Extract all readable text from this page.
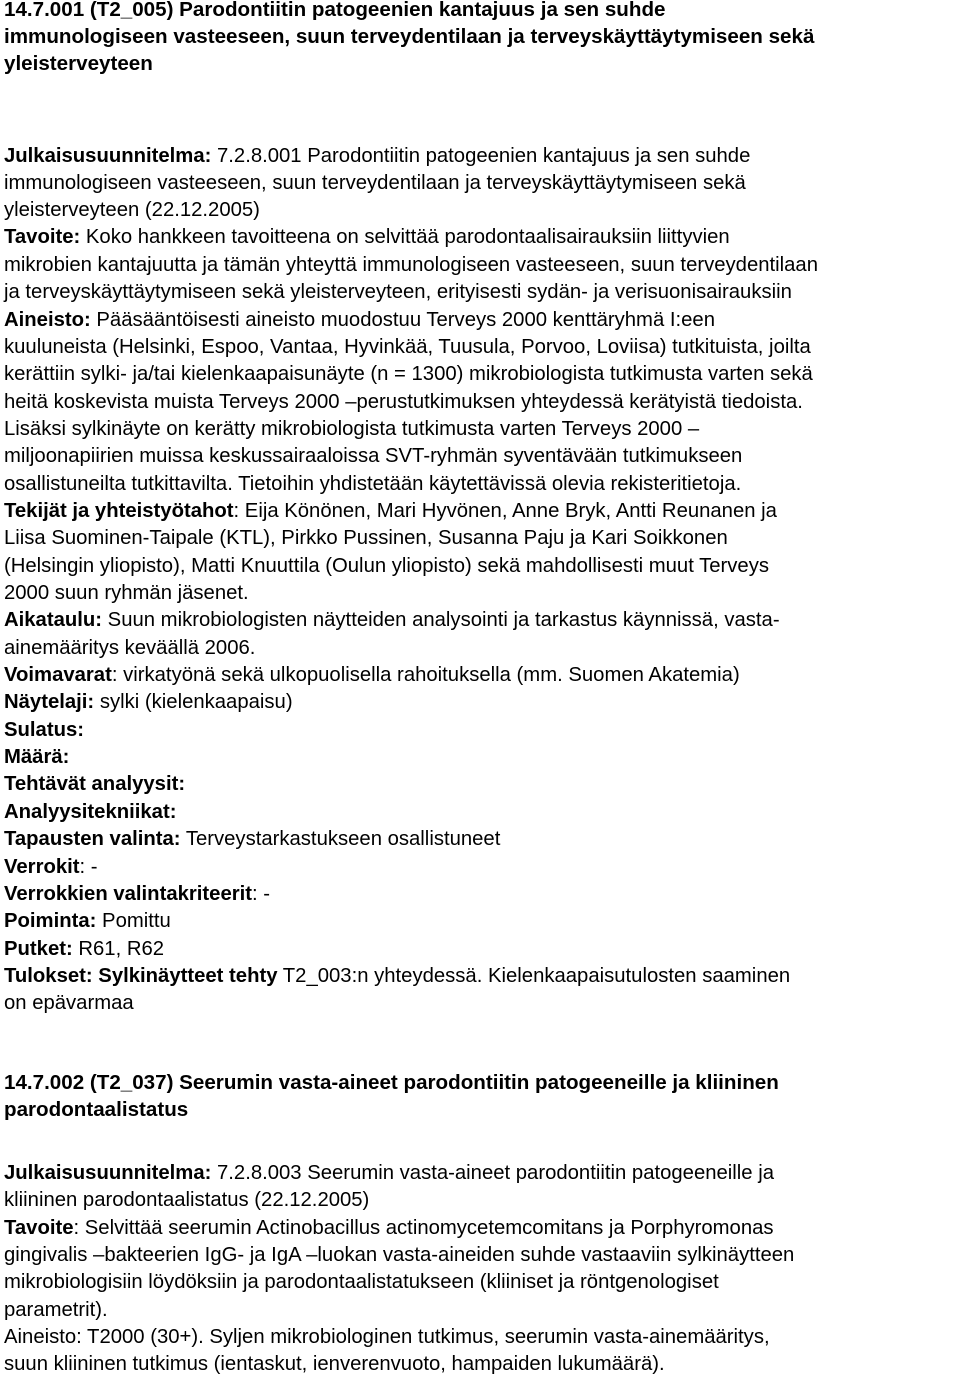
14.7.001 (T2_005) Parodontiitin patogeenien kantajuus ja sen suhde
immunologiseen vasteeseen, suun terveydentilaan ja terveyskäyttäytymiseen sekä
yleisterveyteen
Julkaisusuunnitelma: 7.2.8.001 Parodontiitin patogeenien kantajuus ja sen suhde
immunologiseen vasteeseen, suun terveydentilaan ja terveyskäyttäytymiseen sekä
yleisterveyteen (22.12.2005)
Tavoite: Koko hankkeen tavoitteena on selvittää parodontaalisairauksiin liittyvien
mikrobien kantajuutta ja tämän yhteyttä immunologiseen vasteeseen, suun terveydentilaan
ja terveyskäyttäytymiseen sekä yleisterveyteen, erityisesti sydän- ja verisuonisairauksiin
Aineisto: Pääsääntöisesti aineisto muodostuu Terveys 2000 kenttäryhmä I:een
kuuluneista (Helsinki, Espoo, Vantaa, Hyvinkää, Tuusula, Porvoo, Loviisa) tutkituista, joilta
kerättiin sylki- ja/tai kielenkaapaisunäyte (n = 1300) mikrobiologista tutkimusta varten sekä
heitä koskevista muista Terveys 2000 –perustutkimuksen yhteydessä kerätyistä tiedoista.
Lisäksi sylkinäyte on kerätty mikrobiologista tutkimusta varten Terveys 2000 –
miljoonapiirien muissa keskussairaaloissa SVT-ryhmän syventävään tutkimukseen
osallistuneilta tutkittavilta. Tietoihin yhdistetään käytettävissä olevia rekisteritietoja.
Tekijät ja yhteistyötahot: Eija Könönen, Mari Hyvönen, Anne Bryk, Antti Reunanen ja
Liisa Suominen-Taipale (KTL), Pirkko Pussinen, Susanna Paju ja Kari Soikkonen
(Helsingin yliopisto), Matti Knuuttila (Oulun yliopisto) sekä mahdollisesti muut Terveys
2000 suun ryhmän jäsenet.
Aikataulu: Suun mikrobiologisten näytteiden analysointi ja tarkastus käynnissä, vasta-
ainemääritys keväällä 2006.
Voimavarat: virkatyönä sekä ulkopuolisella rahoituksella (mm. Suomen Akatemia)
Näytelaji: sylki (kielenkaapaisu)
Sulatus:
Määrä:
Tehtävät analyysit:
Analyysitekniikat:
Tapausten valinta: Terveystarkastukseen osallistuneet
Verrokit: -
Verrokkien valintakriteerit: -
Poiminta: Pomittu
Putket: R61, R62
Tulokset: Sylkinäytteet tehty T2_003:n yhteydessä. Kielenkaapaisutulosten saaminen
on epävarmaa
14.7.002 (T2_037) Seerumin vasta-aineet parodontiitin patogeeneille ja kliininen
parodontaalistatus
Julkaisusuunnitelma: 7.2.8.003 Seerumin vasta-aineet parodontiitin patogeeneille ja
kliininen parodontaalistatus (22.12.2005)
Tavoite: Selvittää seerumin Actinobacillus actinomycetemcomitans ja Porphyromonas
gingivalis –bakteerien IgG- ja IgA –luokan vasta-aineiden suhde vastaaviin sylkinäytteen
mikrobiologisiin löydöksiin ja parodontaalistatukseen (kliiniset ja röntgenologiset
parametrit).
Aineisto: T2000 (30+). Syljen mikrobiologinen tutkimus, seerumin vasta-ainemääritys,
suun kliininen tutkimus (ientaskut, ienverenvuoto, hampaiden lukumäärä).
